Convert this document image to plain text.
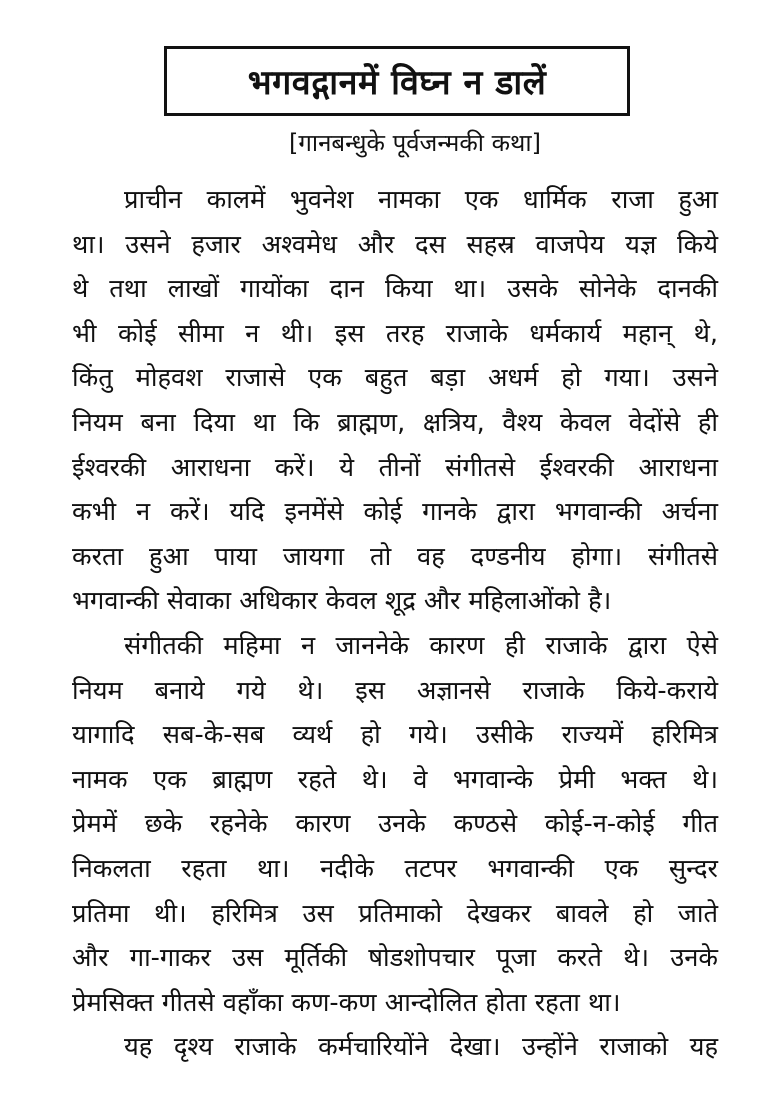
भगवद्गानमें विघ्न न डालें
[गानबन्धुके पूर्वजन्मकी कथा]
प्राचीन कालमें भुवनेश नामका एक धार्मिक राजा हुआ
था। उसने हजार अश्वमेध और दस सहस्र वाजपेय यज्ञ किये
थे तथा लाखों गायोंका दान किया था। उसके सोनेके दानकी
भी कोई सीमा न थी। इस तरह राजाके धर्मकार्य महान् थे,
किंतु मोहवश राजासे एक बहुत बड़ा अधर्म हो गया। उसने
नियम बना दिया था कि ब्राह्मण, क्षत्रिय, वैश्य केवल वेदोंसे ही
ईश्वरकी आराधना करें। ये तीनों संगीतसे ईश्वरकी आराधना
कभी न करें। यदि इनमेंसे कोई गानके द्वारा भगवान्की अर्चना
करता हुआ पाया जायगा तो वह दण्डनीय होगा। संगीतसे
भगवान्की सेवाका अधिकार केवल शूद्र और महिलाओंको है।
संगीतकी महिमा न जाननेके कारण ही राजाके द्वारा ऐसे
नियम बनाये गये थे। इस अज्ञानसे राजाके किये-कराये
यागादि सब-के-सब व्यर्थ हो गये। उसीके राज्यमें हरिमित्र
नामक एक ब्राह्मण रहते थे। वे भगवान्के प्रेमी भक्त थे।
प्रेममें छके रहनेके कारण उनके कण्ठसे कोई-न-कोई गीत
निकलता रहता था। नदीके तटपर भगवान्की एक सुन्दर
प्रतिमा थी। हरिमित्र उस प्रतिमाको देखकर बावले हो जाते
और गा-गाकर उस मूर्तिकी षोडशोपचार पूजा करते थे। उनके
प्रेमसिक्त गीतसे वहाँका कण-कण आन्दोलित होता रहता था।
यह दृश्य राजाके कर्मचारियोंने देखा। उन्होंने राजाको यह
